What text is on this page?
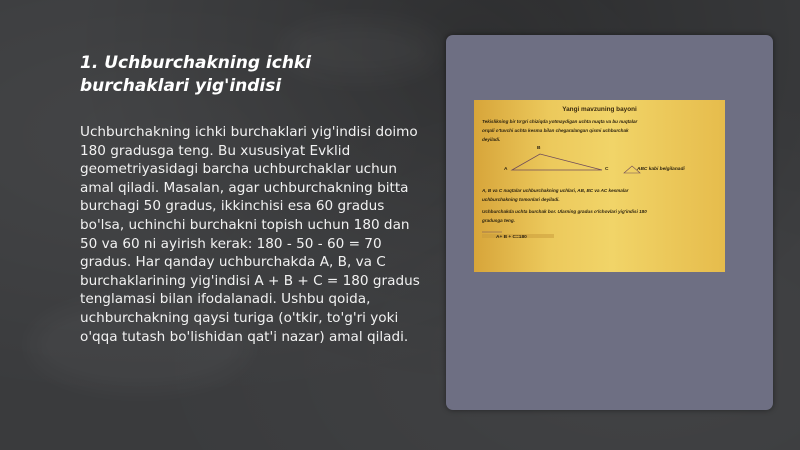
1. Uchburchakning ichki burchaklari yig'indisi

Uchburchakning ichki burchaklari yig'indisi doimo 180 gradusga teng. Bu xususiyat Evklid geometriyasidagi barcha uchburchaklar uchun amal qiladi. Masalan, agar uchburchakning bitta burchagi 50 gradus, ikkinchisi esa 60 gradus bo'lsa, uchinchi burchakni topish uchun 180 dan 50 va 60 ni ayirish kerak: 180 - 50 - 60 = 70 gradus. Har qanday uchburchakda A, B, va C burchaklarining yig'indisi A + B + C = 180 gradus tenglamasi bilan ifodalanadi. Ushbu qoida, uchburchakning qaysi turiga (o'tkir, to'g'ri yoki o'qqa tutash bo'lishidan qat'i nazar) amal qiladi.

Yangi mavzuning bayoni

Tekislikning bir to'gri chiziqda yotmaydigan uchta nuqta va bu nuqtalar

orqali o'tuvchi uchta kesma bilan chegaralangan qismi uchburchak

deyiladi.

B
A	C	ABC kabi belgilanadi

A, B va C nuqtalar uchburchakning uchlari, AB, BC va AC kesmalar

uchburchakning tomonlari deyiladi.

Uchburchakda uchta burchak bor. Ularning gradus o'lchovlari yig'indisi 180

gradusga teng.

A+ B + C=180
